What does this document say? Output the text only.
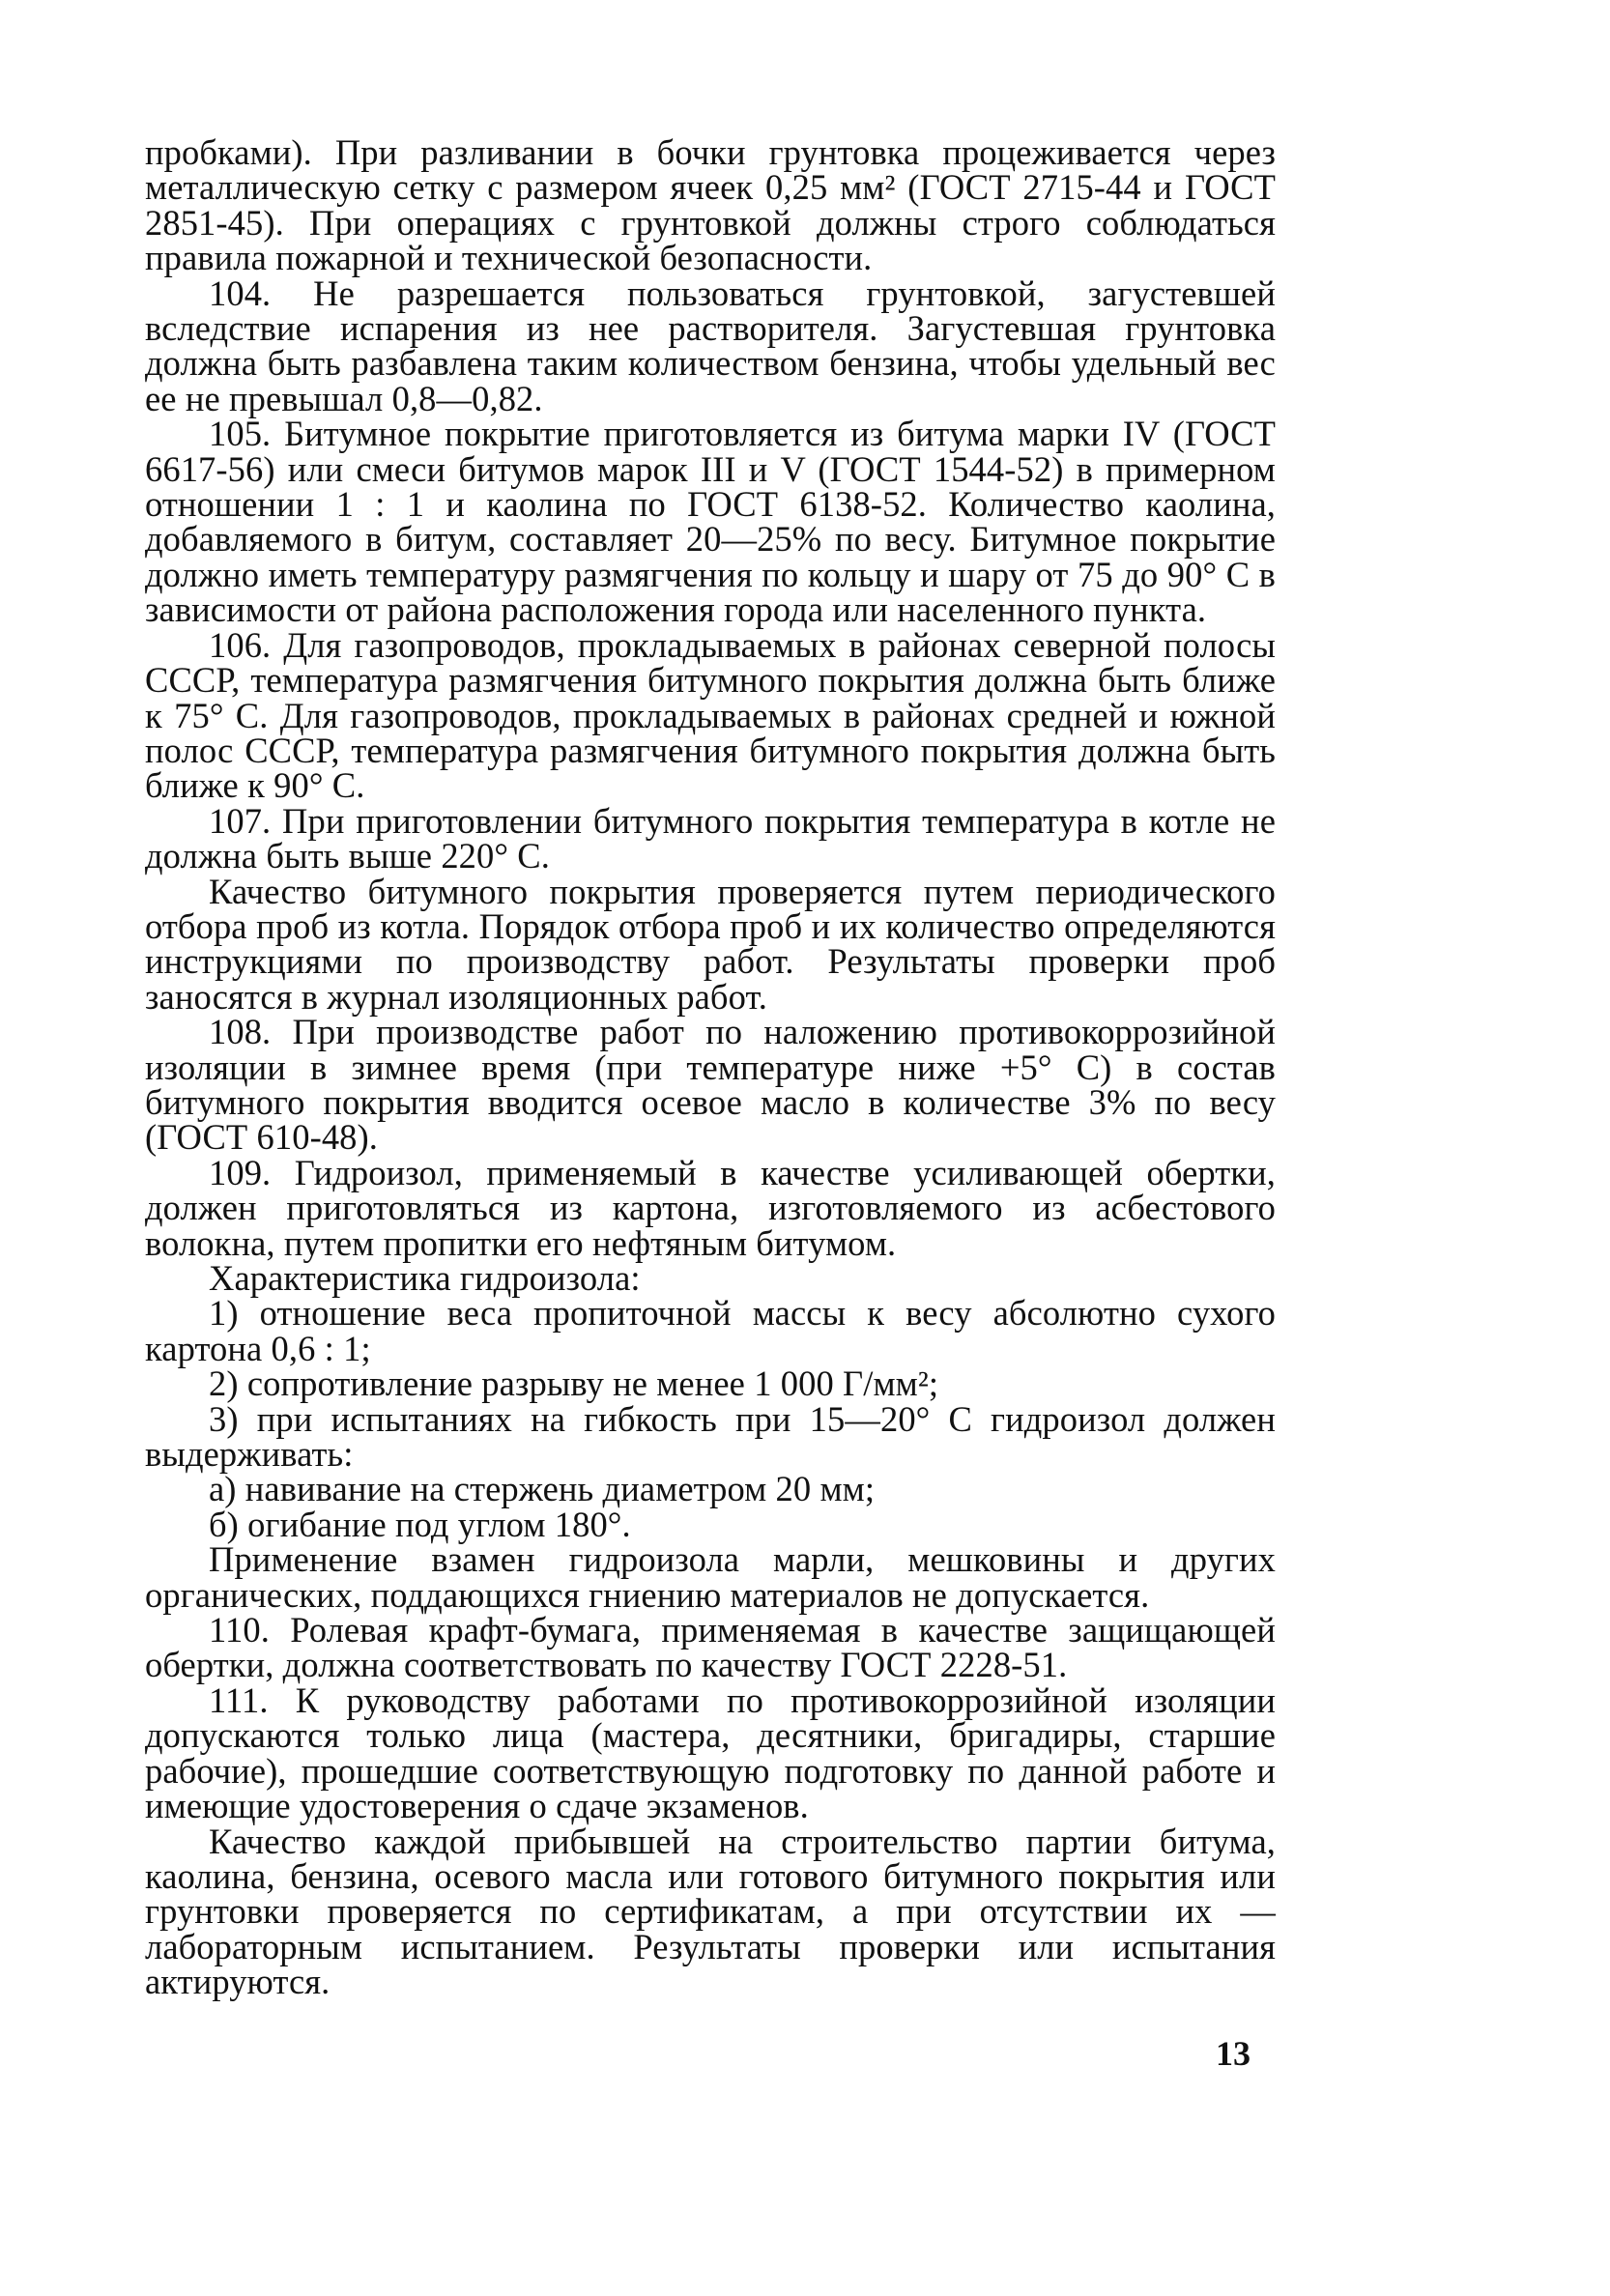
пробками). При разливании в бочки грунтовка процеживается через металлическую сетку с размером ячеек 0,25 мм² (ГОСТ 2715-44 и ГОСТ 2851-45). При операциях с грунтовкой должны строго соблюдаться правила пожарной и технической безопасности.

104. Не разрешается пользоваться грунтовкой, загустевшей вследствие испарения из нее растворителя. Загустевшая грунтовка должна быть разбавлена таким количеством бензина, чтобы удельный вес ее не превышал 0,8—0,82.

105. Битумное покрытие приготовляется из битума марки IV (ГОСТ 6617-56) или смеси битумов марок III и V (ГОСТ 1544-52) в примерном отношении 1 : 1 и каолина по ГОСТ 6138-52. Количество каолина, добавляемого в битум, составляет 20—25% по весу. Битумное покрытие должно иметь температуру размягчения по кольцу и шару от 75 до 90° С в зависимости от района расположения города или населенного пункта.

106. Для газопроводов, прокладываемых в районах северной полосы СССР, температура размягчения битумного покрытия должна быть ближе к 75° С. Для газопроводов, прокладываемых в районах средней и южной полос СССР, температура размягчения битумного покрытия должна быть ближе к 90° С.

107. При приготовлении битумного покрытия температура в котле не должна быть выше 220° С.

Качество битумного покрытия проверяется путем периодического отбора проб из котла. Порядок отбора проб и их количество определяются инструкциями по производству работ. Результаты проверки проб заносятся в журнал изоляционных работ.

108. При производстве работ по наложению противокоррозийной изоляции в зимнее время (при температуре ниже +5° С) в состав битумного покрытия вводится осевое масло в количестве 3% по весу (ГОСТ 610-48).

109. Гидроизол, применяемый в качестве усиливающей обертки, должен приготовляться из картона, изготовляемого из асбестового волокна, путем пропитки его нефтяным битумом.

Характеристика гидроизола:

1) отношение веса пропиточной массы к весу абсолютно сухого картона 0,6 : 1;

2) сопротивление разрыву не менее 1 000 Г/мм²;

3) при испытаниях на гибкость при 15—20° С гидроизол должен выдерживать:

а) навивание на стержень диаметром 20 мм;

б) огибание под углом 180°.

Применение взамен гидроизола марли, мешковины и других органических, поддающихся гниению материалов не допускается.

110. Ролевая крафт-бумага, применяемая в качестве защищающей обертки, должна соответствовать по качеству ГОСТ 2228-51.

111. К руководству работами по противокоррозийной изоляции допускаются только лица (мастера, десятники, бригадиры, старшие рабочие), прошедшие соответствующую подготовку по данной работе и имеющие удостоверения о сдаче экзаменов.

Качество каждой прибывшей на строительство партии битума, каолина, бензина, осевого масла или готового битумного покрытия или грунтовки проверяется по сертификатам, а при отсутствии их — лабораторным испытанием. Результаты проверки или испытания актируются.

13
